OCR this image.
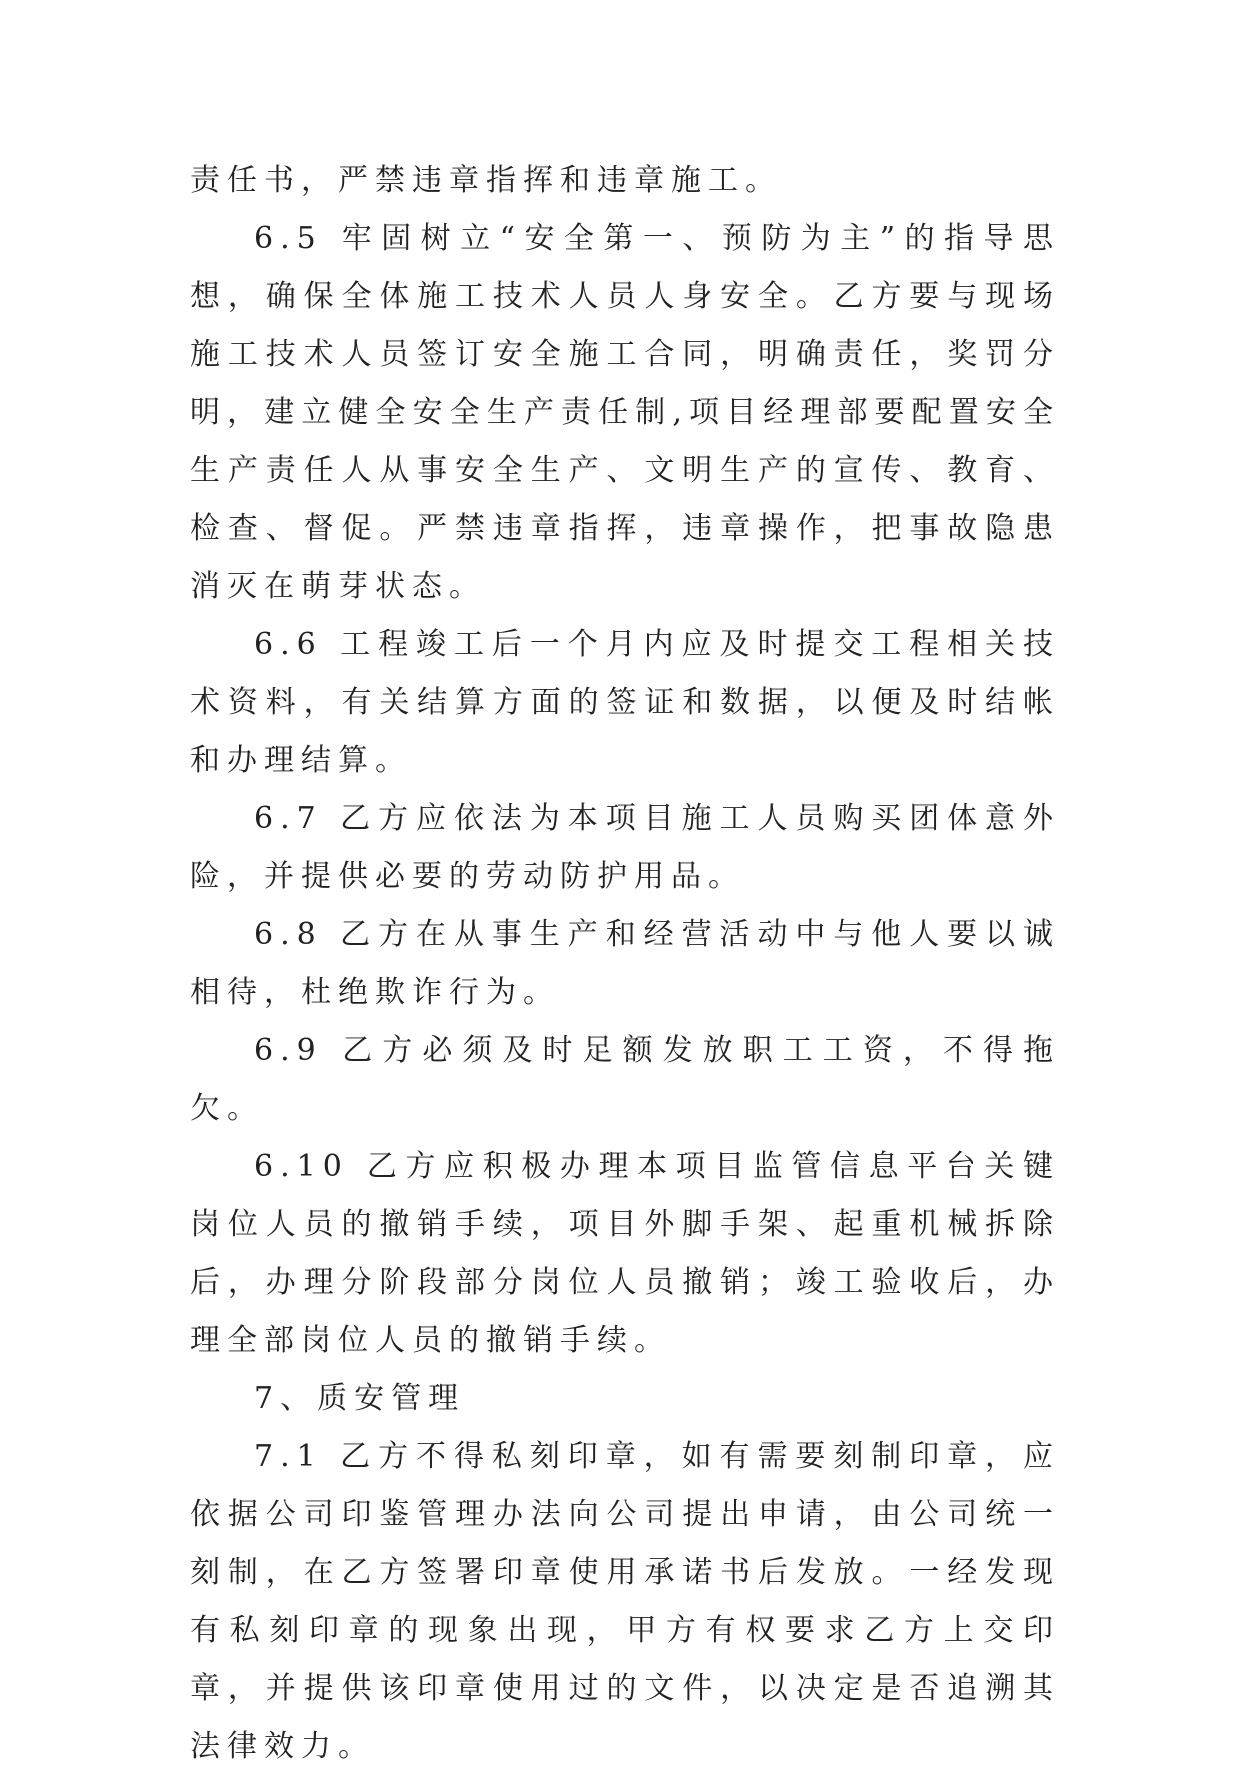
责任书，严禁违章指挥和违章施工。

6.5 牢固树立“安全第一、预防为主”的指导思想，确保全体施工技术人员人身安全。乙方要与现场施工技术人员签订安全施工合同，明确责任，奖罚分明，建立健全安全生产责任制,项目经理部要配置安全生产责任人从事安全生产、文明生产的宣传、教育、检查、督促。严禁违章指挥，违章操作，把事故隐患消灭在萌芽状态。

6.6 工程竣工后一个月内应及时提交工程相关技术资料，有关结算方面的签证和数据，以便及时结帐和办理结算。

6.7 乙方应依法为本项目施工人员购买团体意外险，并提供必要的劳动防护用品。

6.8 乙方在从事生产和经营活动中与他人要以诚相待，杜绝欺诈行为。

6.9 乙方必须及时足额发放职工工资，不得拖欠。

6.10 乙方应积极办理本项目监管信息平台关键岗位人员的撤销手续，项目外脚手架、起重机械拆除后，办理分阶段部分岗位人员撤销；竣工验收后，办理全部岗位人员的撤销手续。

7、质安管理

7.1 乙方不得私刻印章，如有需要刻制印章，应依据公司印鉴管理办法向公司提出申请，由公司统一刻制，在乙方签署印章使用承诺书后发放。一经发现有私刻印章的现象出现，甲方有权要求乙方上交印章，并提供该印章使用过的文件，以决定是否追溯其法律效力。
